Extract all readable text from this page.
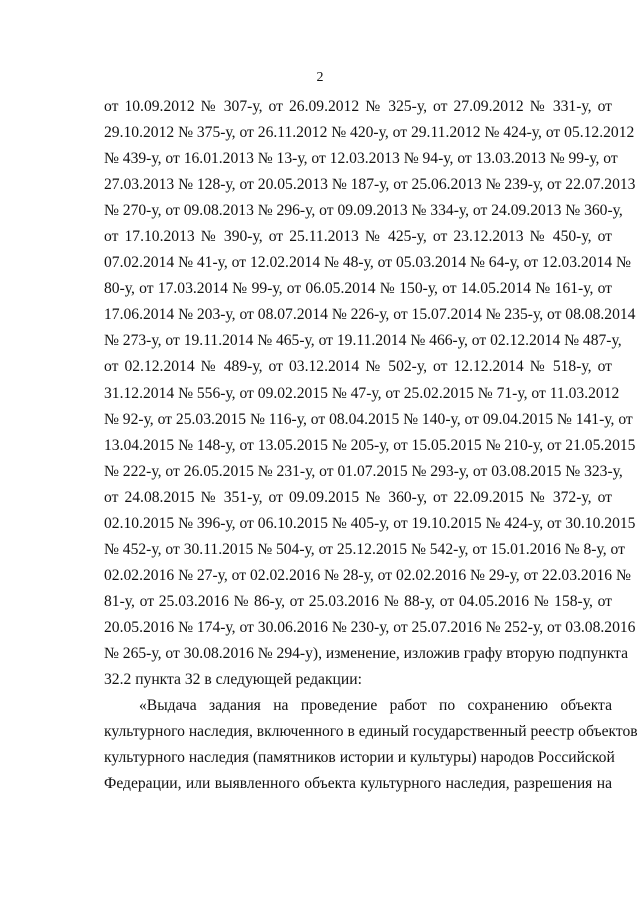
2
от 10.09.2012 № 307-у, от 26.09.2012 № 325-у, от 27.09.2012 № 331-у, от
29.10.2012 № 375-у, от 26.11.2012 № 420-у, от 29.11.2012 № 424-у, от 05.12.2012
№ 439-у, от 16.01.2013 № 13-у, от 12.03.2013 № 94-у, от 13.03.2013 № 99-у, от
27.03.2013 № 128-у, от 20.05.2013 № 187-у, от 25.06.2013 № 239-у, от 22.07.2013
№ 270-у, от 09.08.2013 № 296-у, от 09.09.2013 № 334-у, от 24.09.2013 № 360-у,
от 17.10.2013 № 390-у, от 25.11.2013 № 425-у, от 23.12.2013 № 450-у, от
07.02.2014 № 41-у, от 12.02.2014 № 48-у, от 05.03.2014 № 64-у, от 12.03.2014 №
80-у, от 17.03.2014 № 99-у, от 06.05.2014 № 150-у, от 14.05.2014 № 161-у, от
17.06.2014 № 203-у, от 08.07.2014 № 226-у, от 15.07.2014 № 235-у, от 08.08.2014
№ 273-у, от 19.11.2014 № 465-у, от 19.11.2014 № 466-у, от 02.12.2014 № 487-у,
от 02.12.2014 № 489-у, от 03.12.2014 № 502-у, от 12.12.2014 № 518-у, от
31.12.2014 № 556-у, от 09.02.2015 № 47-у, от 25.02.2015 № 71-у, от 11.03.2012
№ 92-у, от 25.03.2015 № 116-у, от 08.04.2015 № 140-у, от 09.04.2015 № 141-у, от
13.04.2015 № 148-у, от 13.05.2015 № 205-у, от 15.05.2015 № 210-у, от 21.05.2015
№ 222-у, от 26.05.2015 № 231-у, от 01.07.2015 № 293-у, от 03.08.2015 № 323-у,
от 24.08.2015 № 351-у, от 09.09.2015 № 360-у, от 22.09.2015 № 372-у, от
02.10.2015 № 396-у, от 06.10.2015 № 405-у, от 19.10.2015 № 424-у, от 30.10.2015
№ 452-у, от 30.11.2015 № 504-у, от 25.12.2015 № 542-у, от 15.01.2016 № 8-у, от
02.02.2016 № 27-у, от 02.02.2016 № 28-у, от 02.02.2016 № 29-у, от 22.03.2016 №
81-у, от 25.03.2016 № 86-у, от 25.03.2016 № 88-у, от 04.05.2016 № 158-у, от
20.05.2016 № 174-у, от 30.06.2016 № 230-у, от 25.07.2016 № 252-у, от 03.08.2016
№ 265-у, от 30.08.2016 № 294-у), изменение, изложив графу вторую подпункта
32.2 пункта 32 в следующей редакции:
«Выдача задания на проведение работ по сохранению объекта
культурного наследия, включенного в единый государственный реестр объектов
культурного наследия (памятников истории и культуры) народов Российской
Федерации, или выявленного объекта культурного наследия, разрешения на
